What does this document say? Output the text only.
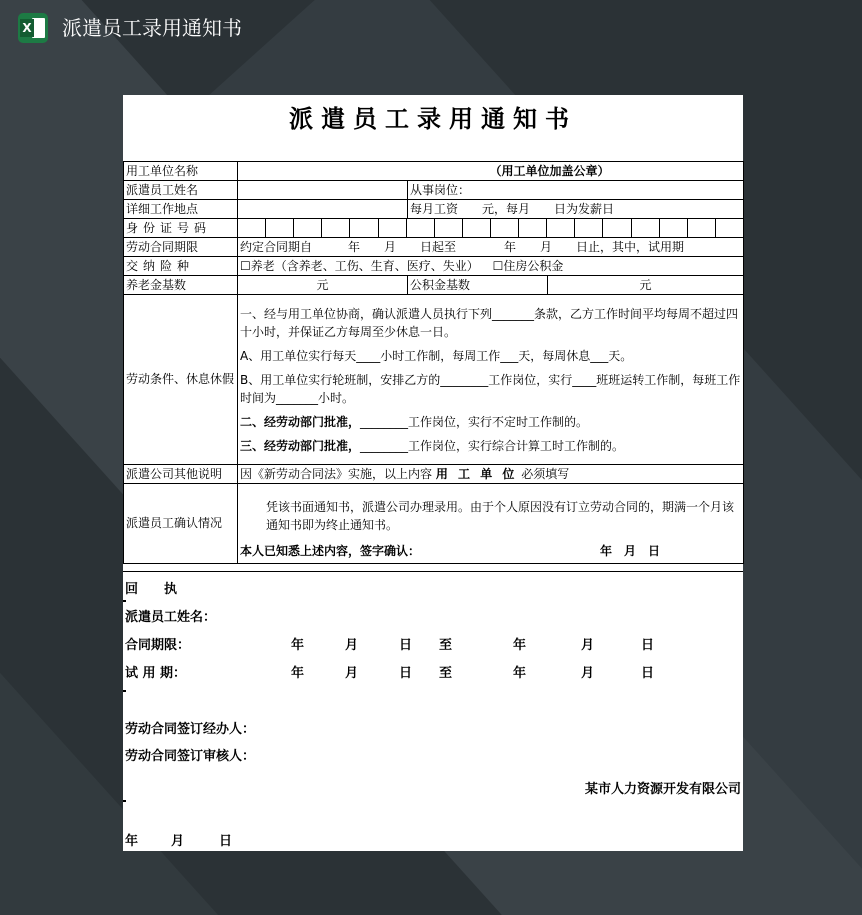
X 派遣员工录用通知书
派遣员工录用通知书
用工单位名称	（用工单位加盖公章）		
派遣员工姓名		从事岗位：	
详细工作地点		每月工资　　元，每月　　日为发薪日	
身份证号码			

劳动合同期限	约定合同期自　　　年　　月　　日起至　　　　年　　月　　日止，其中，试用期		
交纳险种	☐养老（含养老、工伤、生育、医疗、失业） ☐住房公积金		
养老金基数	元	公积金基数	元
劳动条件、休息休假	一、经与用工单位协商，确认派遣人员执行下列_______条款，乙方工作时间平均每周不超过四十小时，并保证乙方每周至少休息一日。

A、用工单位实行每天____小时工作制，每周工作___天，每周休息___天。

B、用工单位实行轮班制，安排乙方的________工作岗位，实行____班班运转工作制，每班工作时间为_______小时。

二、经劳动部门批准，________工作岗位，实行不定时工作制的。

三、经劳动部门批准，________工作岗位，实行综合计算工时工作制的。		

派遣公司其他说明	因《新劳动合同法》实施，以上内容 用 工 单 位 必须填写		
派遣员工确认情况	凭该书面通知书，派遣公司办理录用。由于个人原因没有订立劳动合同的，期满一个月该通知书即为终止通知书。
本人已知悉上述内容，签字确认： 年　月　日		
回　　执
派遣员工姓名：
合同期限：	年	月	日 至	年	月	日
试 用 期：	年	月	日 至	年	月	日
劳动合同签订经办人：
劳动合同签订审核人：
某市人力资源开发有限公司
年	月	日
